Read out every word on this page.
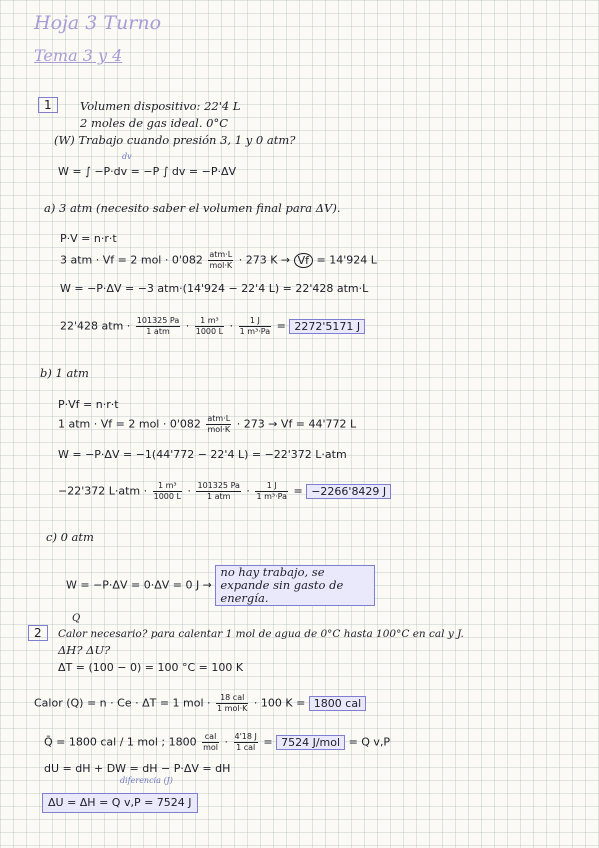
Hoja 3 Turno
Tema 3 y 4
1	Volumen dispositivo: 22'4 L
2 moles de gas ideal. 0°C
(W) Trabajo cuando presión 3, 1 y 0 atm?
dv
W = ∫ −P·dv = −P ∫ dv = −P·ΔV
a) 3 atm (necesito saber el volumen final para ΔV).
P·V = n·r·t
3 atm · Vf = 2 mol · $0'082 \frac{\text{atm·L}}{\text{mol·K}} \cdot 273$ K → Vf = 14'924 L
W = −P·ΔV = −3 atm·(14'924 − 22'4 L) = 22'428 atm·L
22'428 atm · $\frac{101325 Pa}{\text{1 atm}} \cdot \frac{\text{1 m³}}{1000 L} \cdot \frac{1 J}{\text{1 m³·Pa}} = 2272'5171$ J
b) 1 atm
P·Vf = n·r·t
1 atm · Vf = 2 mol · $0'082 \frac{\text{atm·L}}{\text{mol·K}} \cdot 273 \to Vf = 44'772$ L
W = −P·ΔV = −1(44'772 − 22'4 L) = −22'372 L·atm
−22'372 $L\cdot atm \cdot \frac{\text{1 m³}}{1000 L} \cdot \frac{101325 Pa}{\text{1 atm}} \cdot \frac{1 J}{\text{1 m³·Pa}} = -2266'8429$ J
c) 0 atm
W = −P·ΔV = 0·ΔV = 0 J → no hay trabajo, se expande sin gasto de energía.
Q
2	Calor necesario? para calentar 1 mol de agua de 0°C hasta 100°C en cal y J.
ΔH? ΔU?
ΔT = (100 − 0) = 100 °C = 100 K
Calor (Q) = n · Ce · ΔT = 1 mol · $\frac{\text{18 cal}}{\text{1 mol·K}} \cdot 100$ K = 1800 cal
Q̄ = 1800 cal / 1 mol ; $1800 \frac{\text{cal}}{\text{mol}} \cdot \frac{4'18 J}{\text{1 cal}} = 7524$ J/mol = Q v,P
dU = dH + DW = dH − P·ΔV = dH
diferencia (J)
ΔU = ΔH = Q v,P = 7524 J
